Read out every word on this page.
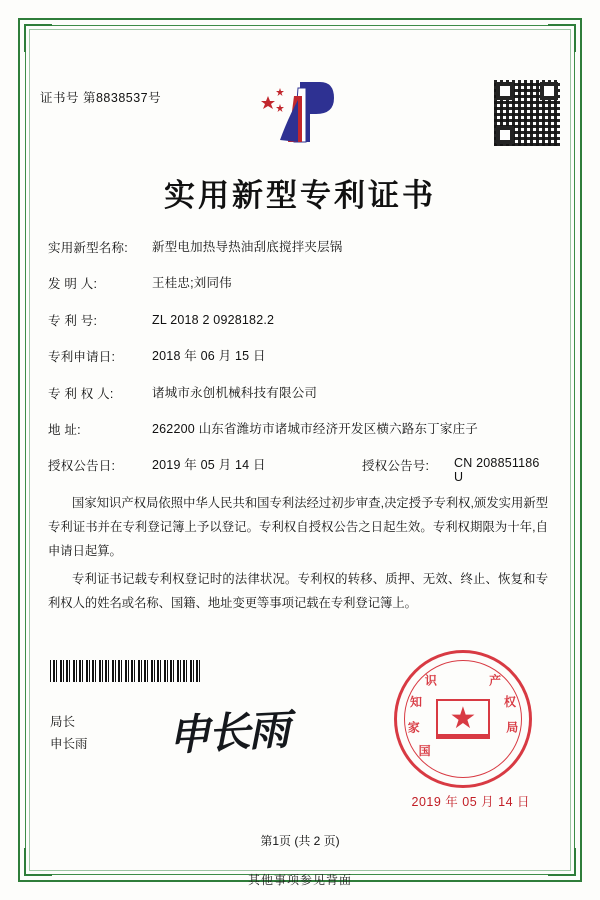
证书号 第8838537号
实用新型专利证书
实用新型名称:	新型电加热导热油刮底搅拌夹层锅
发 明 人:	王桂忠;刘同伟
专 利 号:	ZL 2018 2 0928182.2
专利申请日:	2018 年 06 月 15 日
专 利 权 人:	诸城市永创机械科技有限公司
地 址:	262200 山东省潍坊市诸城市经济开发区横六路东丁家庄子
授权公告日:	2019 年 05 月 14 日	授权公告号:	CN 208851186 U

国家知识产权局依照中华人民共和国专利法经过初步审查,决定授予专利权,颁发实用新型专利证书并在专利登记簿上予以登记。专利权自授权公告之日起生效。专利权期限为十年,自申请日起算。

专利证书记载专利权登记时的法律状况。专利权的转移、质押、无效、终止、恢复和专利权人的姓名或名称、国籍、地址变更等事项记载在专利登记簿上。

局长
申长雨 申长雨	★
国
家
知
识	产
权
局
2019 年 05 月 14 日
第1页 (共 2 页)
其他事项参见背面
